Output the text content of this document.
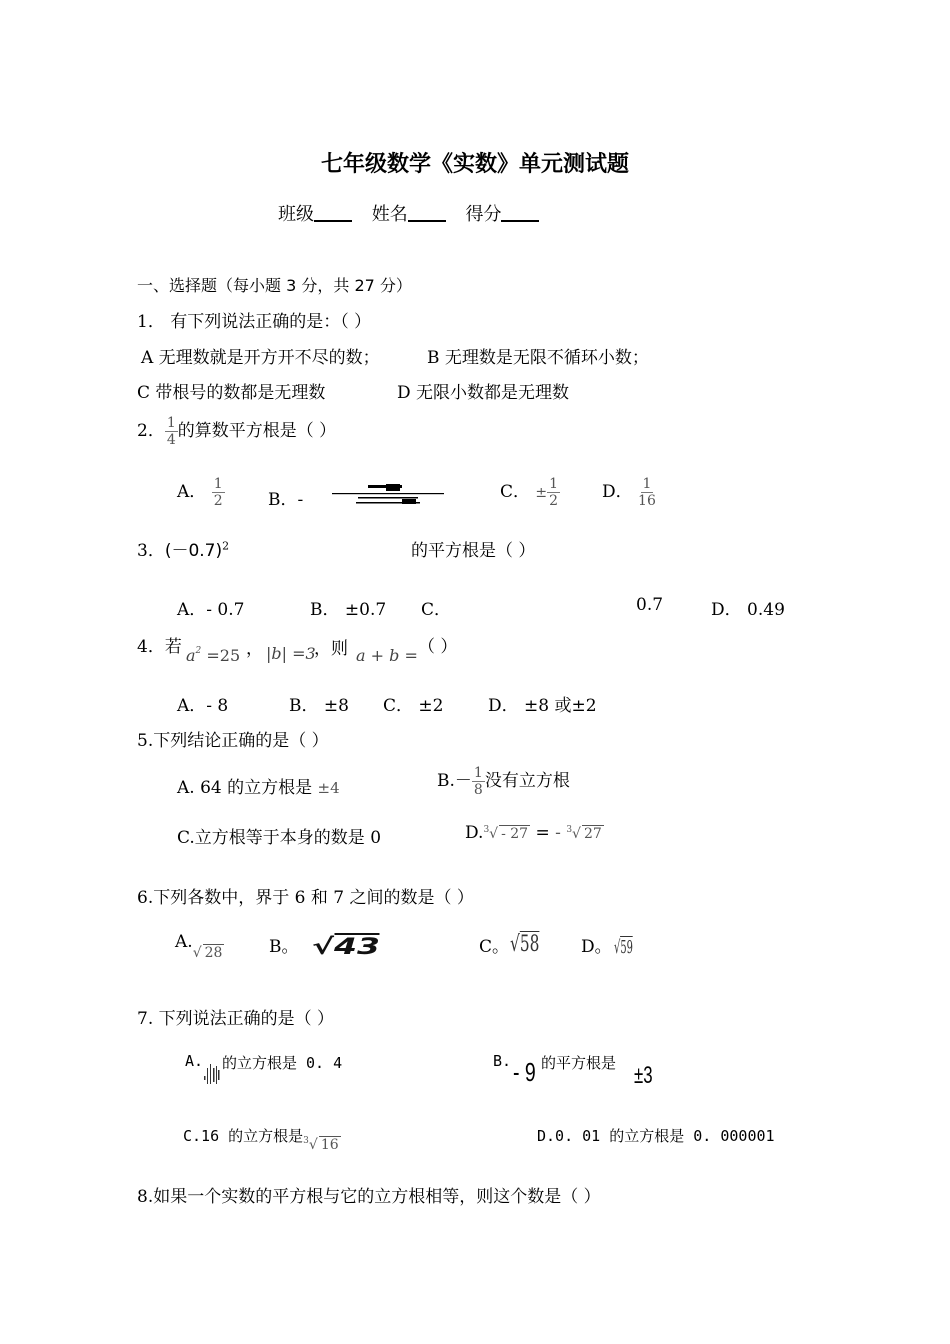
七年级数学《实数》单元测试题
班级	姓名	得分
一、选择题（每小题 3 分，共 27 分）
1． 有下列说法正确的是：（ ）
A 无理数就是开方开不尽的数；	B 无理数是无限不循环小数；
C 带根号的数都是无理数	D 无限小数都是无理数
2． $\frac{1}{4}$ 的算数平方根是（ ）
A． $\frac{1}{2}$	B．-	C． ± $\frac{1}{2}$ D． $\frac{1}{16}$
3．$(-0.7)^2$	的平方根是（ ）
A．- 0.7	B． ±0.7 C．	0.7	D． 0.49
4．若 $a^2 =25$ ， |b| =3
，则 a + b = （ ）
A．- 8	B． ±8 C． ±2	D． ±8 或±2
5.下列结论正确的是（ ）
A. 64 的立方根是 ±4	$B.- \frac{1}{8}$ 没有立方根
C.立方根等于本身的数是 0	D.$^3$√ - 27 = - $^3$√ 27
6.下列各数中，界于 6 和 7 之间的数是（ ）
A.√ 28	B。 √43	C。 √58 D。 √59
7. 下列说法正确的是（ ）
A. 的立方根是 0. 4	B. - 9 的平方根是 ±3
C.16 的立方根是$^3$√ 16	D.0. 01 的立方根是 0. 000001
8.如果一个实数的平方根与它的立方根相等，则这个数是（ ）
